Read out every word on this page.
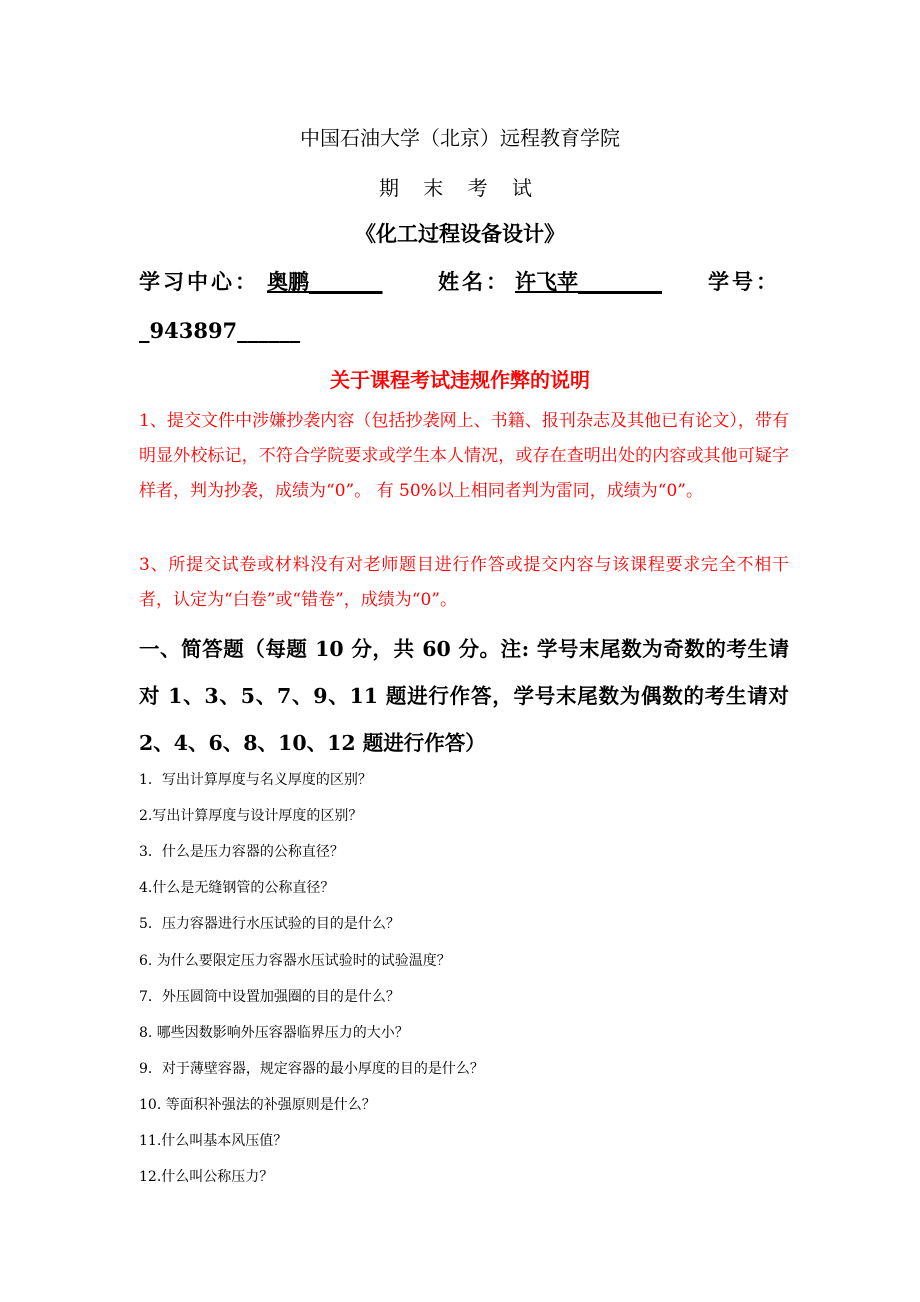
中国石油大学（北京）远程教育学院
期 末 考 试
《化工过程设备设计》
学习中心： 奥鹏_______	姓名： 许飞苹________ 学号：
_943897______
关于课程考试违规作弊的说明
1、提交文件中涉嫌抄袭内容（包括抄袭网上、书籍、报刊杂志及其他已有论文），带有明显外校标记，不符合学院要求或学生本人情况，或存在查明出处的内容或其他可疑字样者，判为抄袭，成绩为“0”。 有 50%以上相同者判为雷同，成绩为“0”。
3、所提交试卷或材料没有对老师题目进行作答或提交内容与该课程要求完全不相干者，认定为“白卷”或“错卷”，成绩为“0”。
一、简答题（每题 10 分，共 60 分。注: 学号末尾数为奇数的考生请对 1、3、5、7、9、11 题进行作答，学号末尾数为偶数的考生请对 2、4、6、8、10、12 题进行作答）
1．写出计算厚度与名义厚度的区别？
2.写出计算厚度与设计厚度的区别？
3．什么是压力容器的公称直径？
4.什么是无缝钢管的公称直径？
5．压力容器进行水压试验的目的是什么？
6. 为什么要限定压力容器水压试验时的试验温度？
7．外压圆筒中设置加强圈的目的是什么？
8. 哪些因数影响外压容器临界压力的大小？
9．对于薄壁容器，规定容器的最小厚度的目的是什么？
10. 等面积补强法的补强原则是什么？
11.什么叫基本风压值？
12.什么叫公称压力？
